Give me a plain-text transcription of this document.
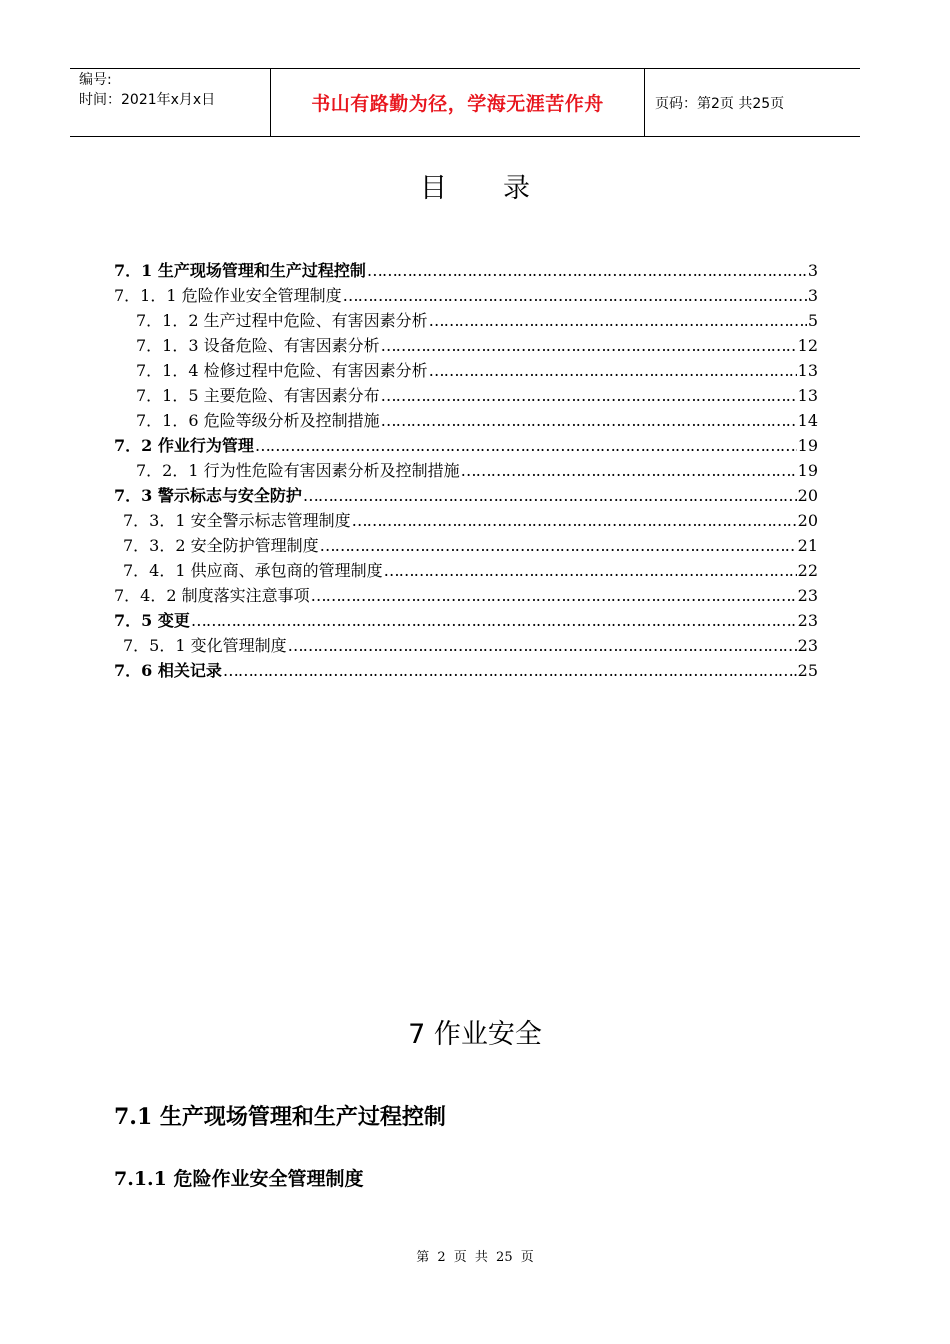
编号:
时间：2021年x月x日	书山有路勤为径，学海无涯苦作舟	页码：第2页 共25页
目录
7．1 生产现场管理和生产过程控制 …………………………………………………………………………………………………………………………………………………………	3
7．1．1 危险作业安全管理制度 …………………………………………………………………………………………………………………………………………………………	3
7．1．2 生产过程中危险、有害因素分析 …………………………………………………………………………………………………………………………………………………………	5
7．1．3 设备危险、有害因素分析 …………………………………………………………………………………………………………………………………………………………	12
7．1．4 检修过程中危险、有害因素分析 …………………………………………………………………………………………………………………………………………………………	13
7．1．5 主要危险、有害因素分布 …………………………………………………………………………………………………………………………………………………………	13
7．1．6 危险等级分析及控制措施 …………………………………………………………………………………………………………………………………………………………	14
7．2 作业行为管理 …………………………………………………………………………………………………………………………………………………………	19
7．2．1 行为性危险有害因素分析及控制措施 …………………………………………………………………………………………………………………………………………………………	19
7．3 警示标志与安全防护 …………………………………………………………………………………………………………………………………………………………	20
7．3．1 安全警示标志管理制度 …………………………………………………………………………………………………………………………………………………………	20
7．3．2 安全防护管理制度 …………………………………………………………………………………………………………………………………………………………	21
7．4．1 供应商、承包商的管理制度 …………………………………………………………………………………………………………………………………………………………	22
7．4．2 制度落实注意事项 …………………………………………………………………………………………………………………………………………………………	23
7．5 变更 …………………………………………………………………………………………………………………………………………………………	23
7．5．1 变化管理制度 …………………………………………………………………………………………………………………………………………………………	23
7．6 相关记录 …………………………………………………………………………………………………………………………………………………………	25
7 作业安全
7.1 生产现场管理和生产过程控制
7.1.1 危险作业安全管理制度
第 2 页 共 25 页
